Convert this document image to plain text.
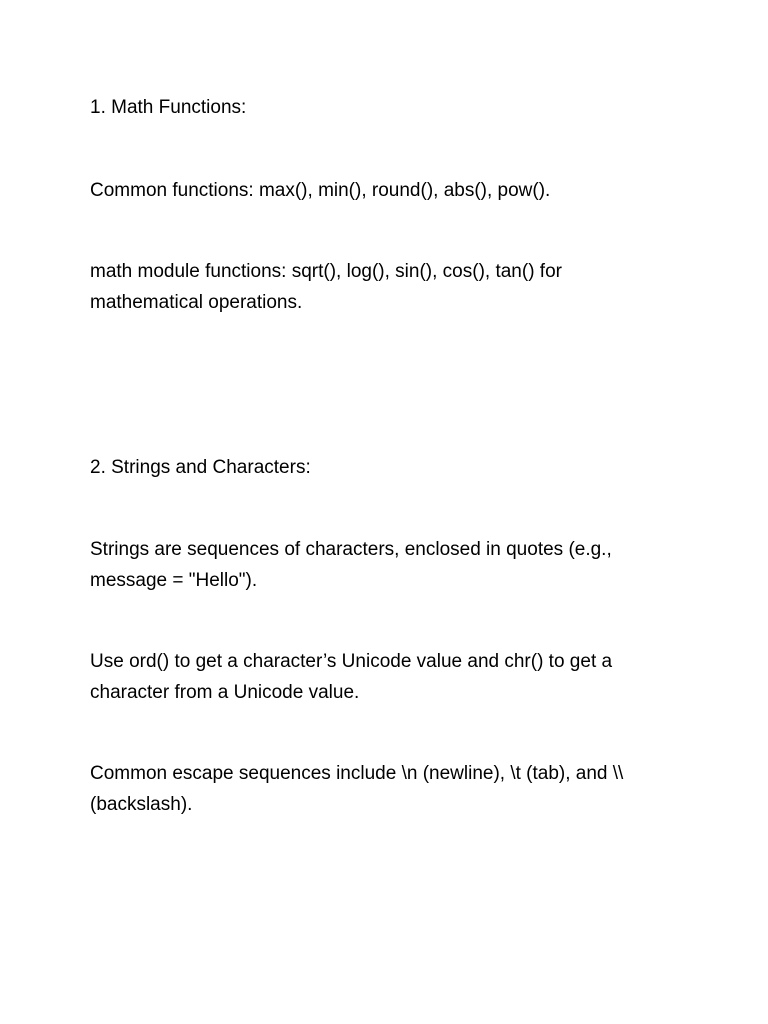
1. Math Functions:

Common functions: max(), min(), round(), abs(), pow().

math module functions: sqrt(), log(), sin(), cos(), tan() for
mathematical operations.

2. Strings and Characters:

Strings are sequences of characters, enclosed in quotes (e.g.,
message = "Hello").

Use ord() to get a character’s Unicode value and chr() to get a
character from a Unicode value.

Common escape sequences include \n (newline), \t (tab), and \\
(backslash).
